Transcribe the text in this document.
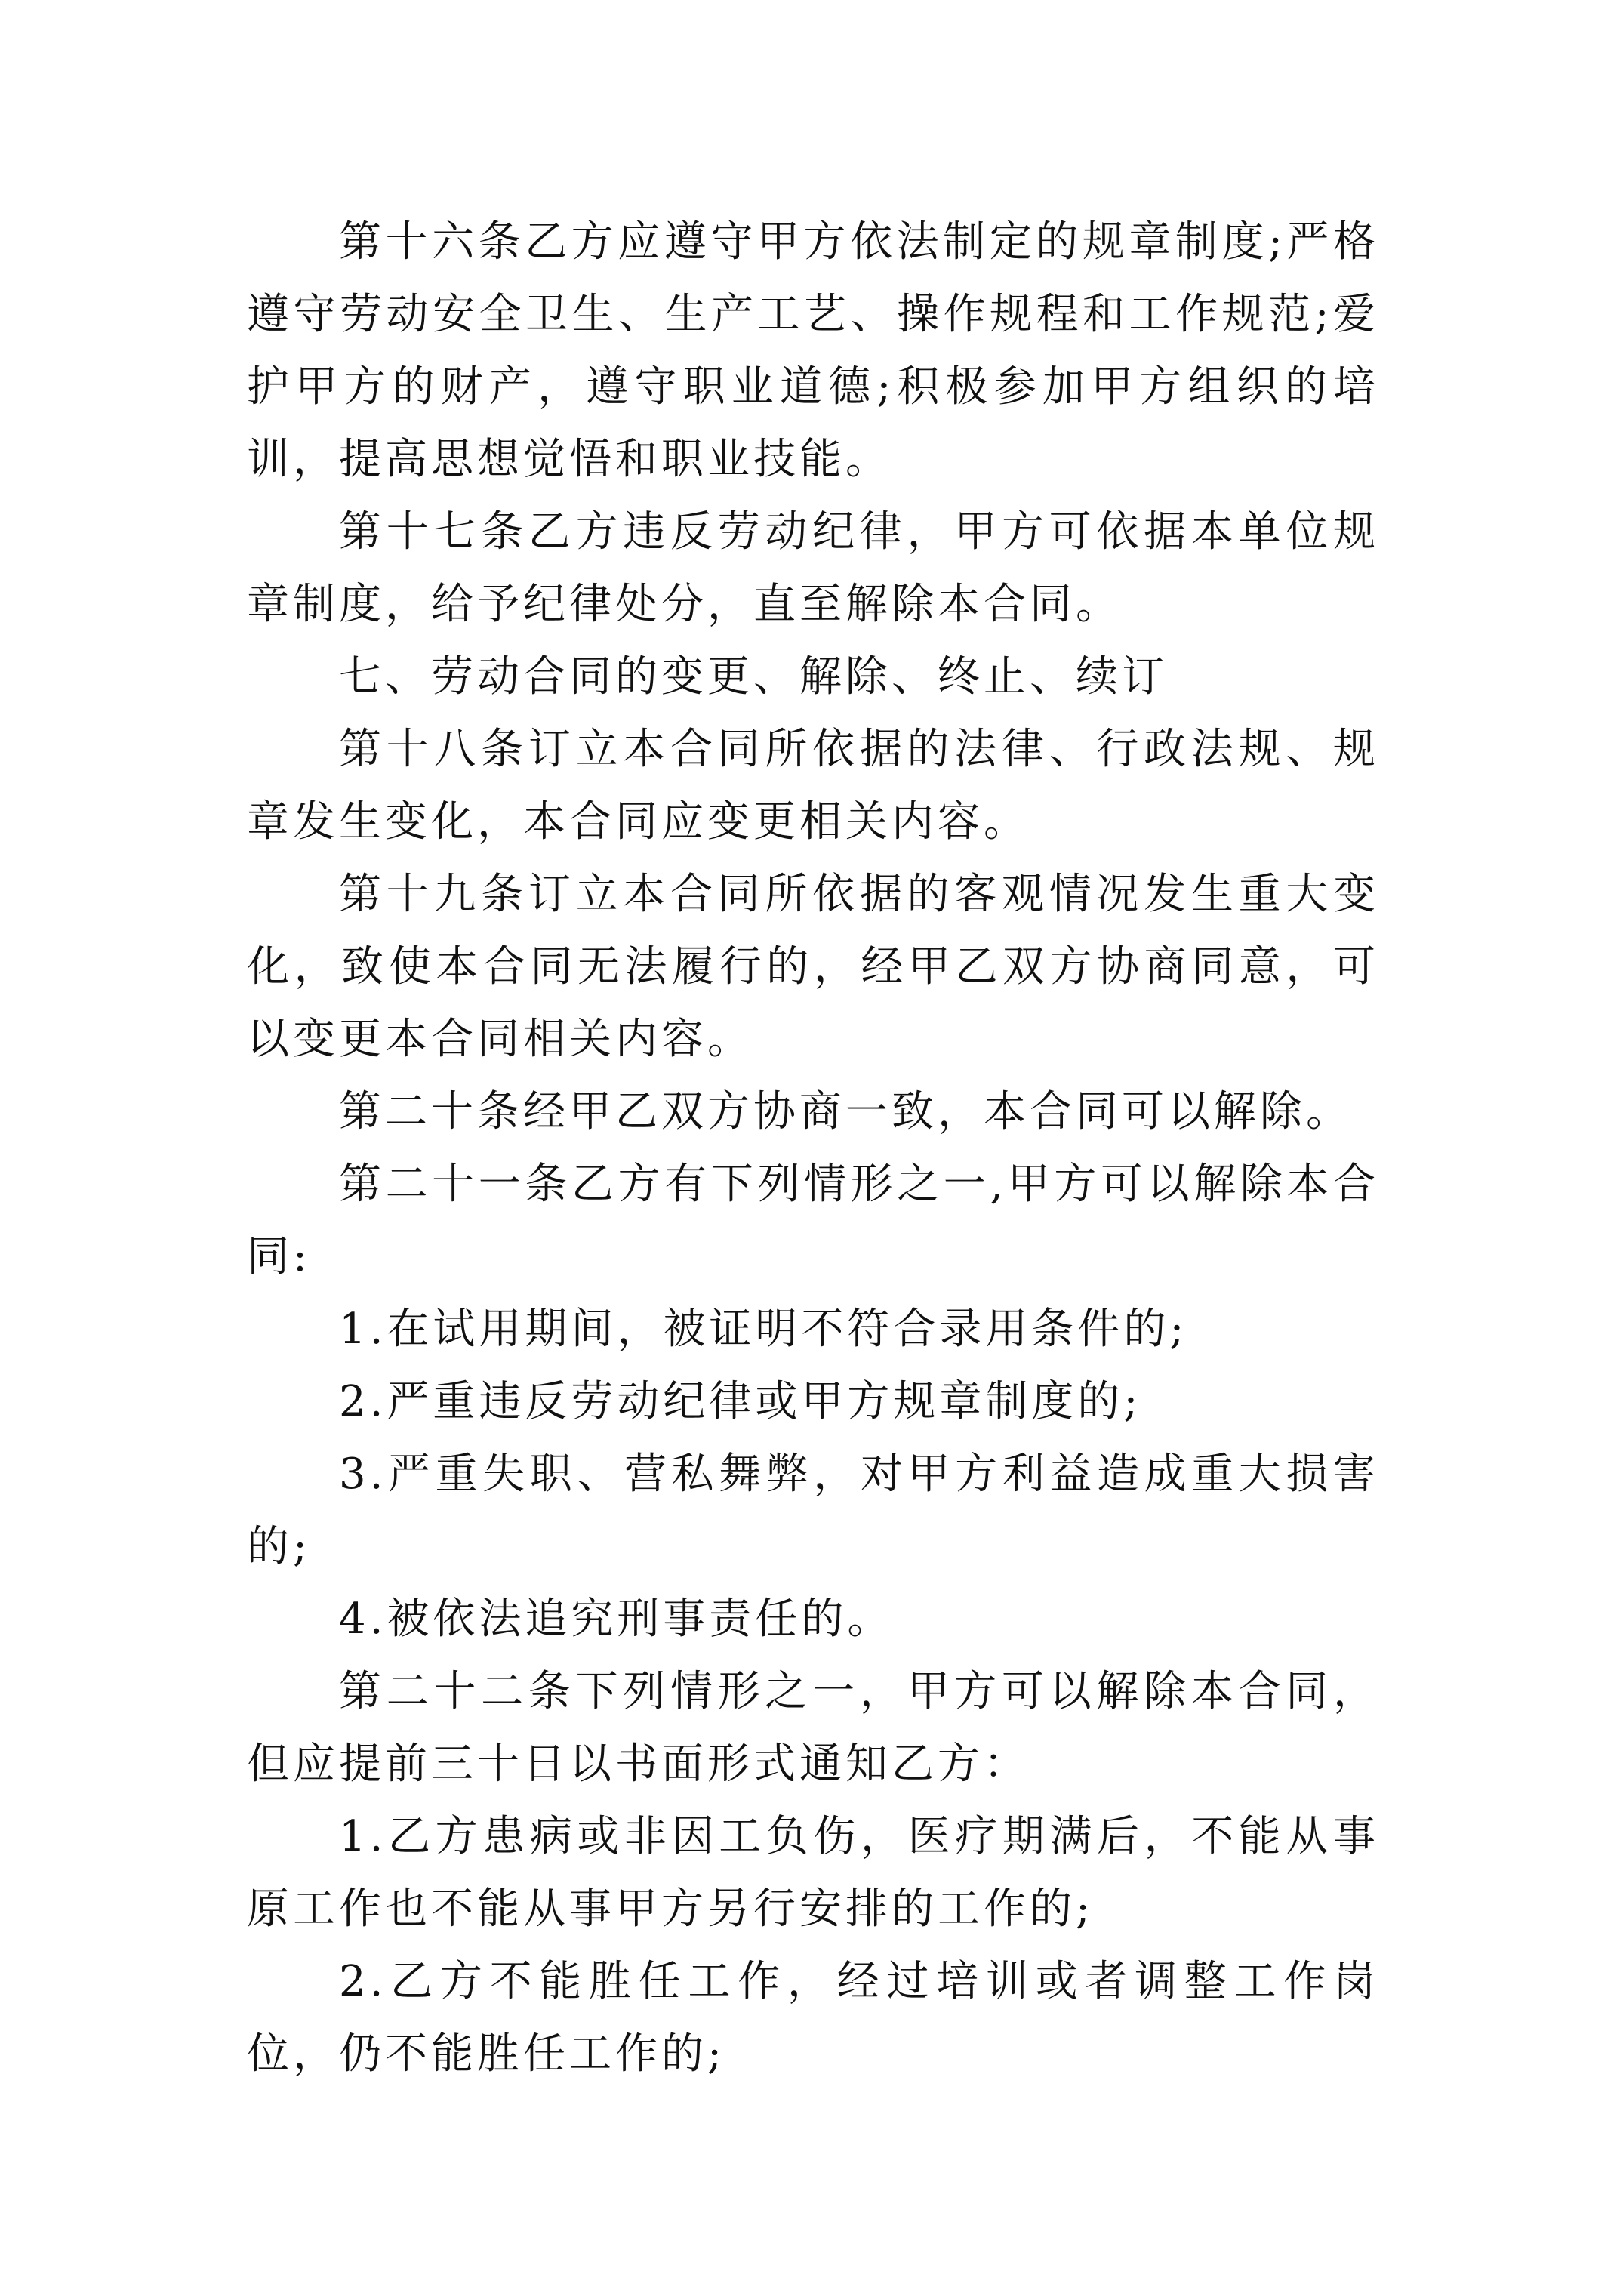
第十六条乙方应遵守甲方依法制定的规章制度;严格遵守劳动安全卫生、生产工艺、操作规程和工作规范;爱护甲方的财产，遵守职业道德;积极参加甲方组织的培训，提高思想觉悟和职业技能。

第十七条乙方违反劳动纪律，甲方可依据本单位规章制度，给予纪律处分，直至解除本合同。

七、劳动合同的变更、解除、终止、续订

第十八条订立本合同所依据的法律、行政法规、规章发生变化，本合同应变更相关内容。

第十九条订立本合同所依据的客观情况发生重大变化，致使本合同无法履行的，经甲乙双方协商同意，可以变更本合同相关内容。

第二十条经甲乙双方协商一致，本合同可以解除。

第二十一条乙方有下列情形之一,甲方可以解除本合同:

1.在试用期间，被证明不符合录用条件的;

2.严重违反劳动纪律或甲方规章制度的;

3.严重失职、营私舞弊，对甲方利益造成重大损害的;

4.被依法追究刑事责任的。

第二十二条下列情形之一，甲方可以解除本合同，但应提前三十日以书面形式通知乙方：

1.乙方患病或非因工负伤，医疗期满后，不能从事原工作也不能从事甲方另行安排的工作的;

2.乙方不能胜任工作，经过培训或者调整工作岗位，仍不能胜任工作的;
